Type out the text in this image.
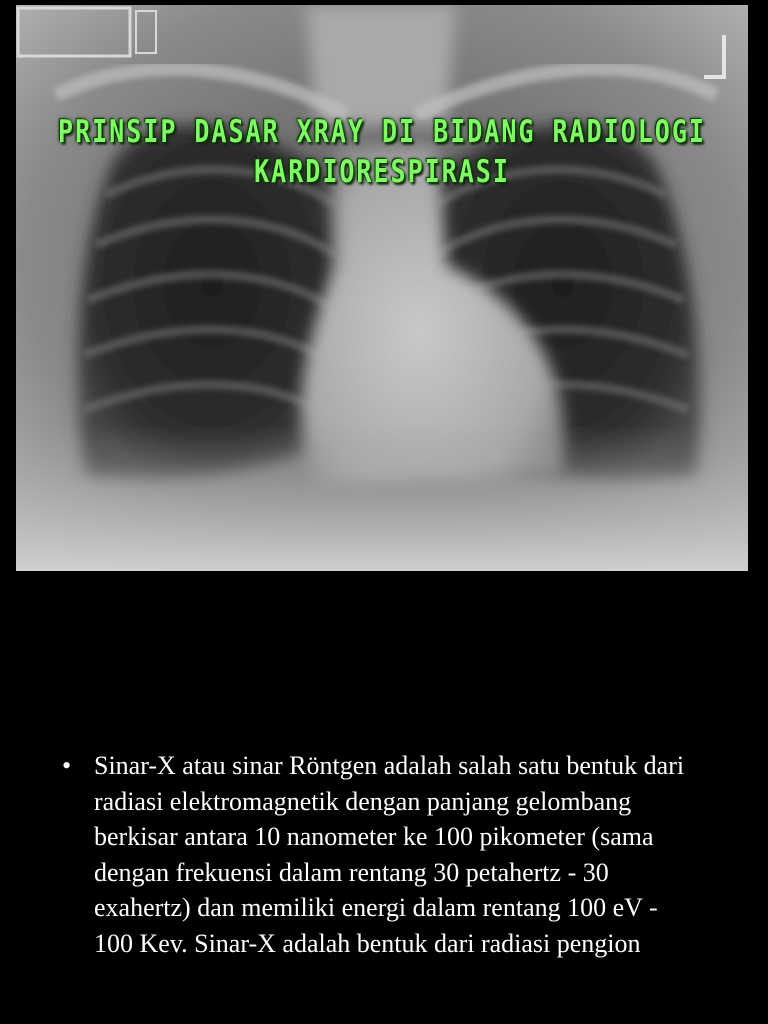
PRINSIP DASAR XRAY DI BIDANG RADIOLOGI
KARDIORESPIRASI
• Sinar-X atau sinar Röntgen adalah salah satu bentuk dari radiasi elektromagnetik dengan panjang gelombang berkisar antara 10 nanometer ke 100 pikometer (sama dengan frekuensi dalam rentang 30 petahertz - 30 exahertz) dan memiliki energi dalam rentang 100 eV - 100 Kev. Sinar-X adalah bentuk dari radiasi pengion
